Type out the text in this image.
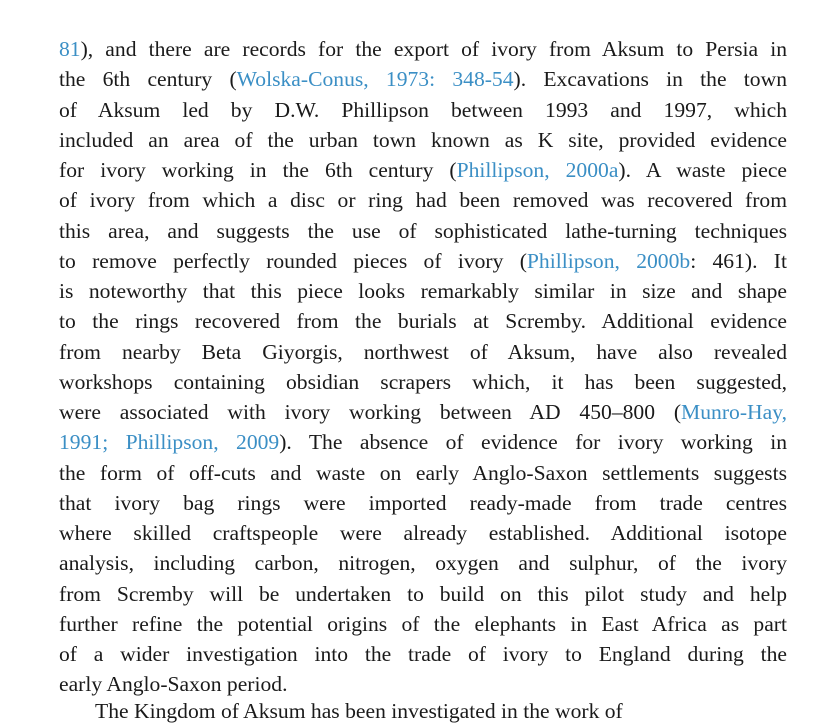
81), and there are records for the export of ivory from Aksum to Persia in
the 6th century (Wolska-Conus, 1973: 348-54). Excavations in the town
of Aksum led by D.W. Phillipson between 1993 and 1997, which
included an area of the urban town known as K site, provided evidence
for ivory working in the 6th century (Phillipson, 2000a). A waste piece
of ivory from which a disc or ring had been removed was recovered from
this area, and suggests the use of sophisticated lathe-turning techniques
to remove perfectly rounded pieces of ivory (Phillipson, 2000b: 461). It
is noteworthy that this piece looks remarkably similar in size and shape
to the rings recovered from the burials at Scremby. Additional evidence
from nearby Beta Giyorgis, northwest of Aksum, have also revealed
workshops containing obsidian scrapers which, it has been suggested,
were associated with ivory working between AD 450–800 (Munro-Hay,
1991; Phillipson, 2009). The absence of evidence for ivory working in
the form of off-cuts and waste on early Anglo-Saxon settlements suggests
that ivory bag rings were imported ready-made from trade centres
where skilled craftspeople were already established. Additional isotope
analysis, including carbon, nitrogen, oxygen and sulphur, of the ivory
from Scremby will be undertaken to build on this pilot study and help
further refine the potential origins of the elephants in East Africa as part
of a wider investigation into the trade of ivory to England during the
early Anglo-Saxon period.
The Kingdom of Aksum has been investigated in the work of
